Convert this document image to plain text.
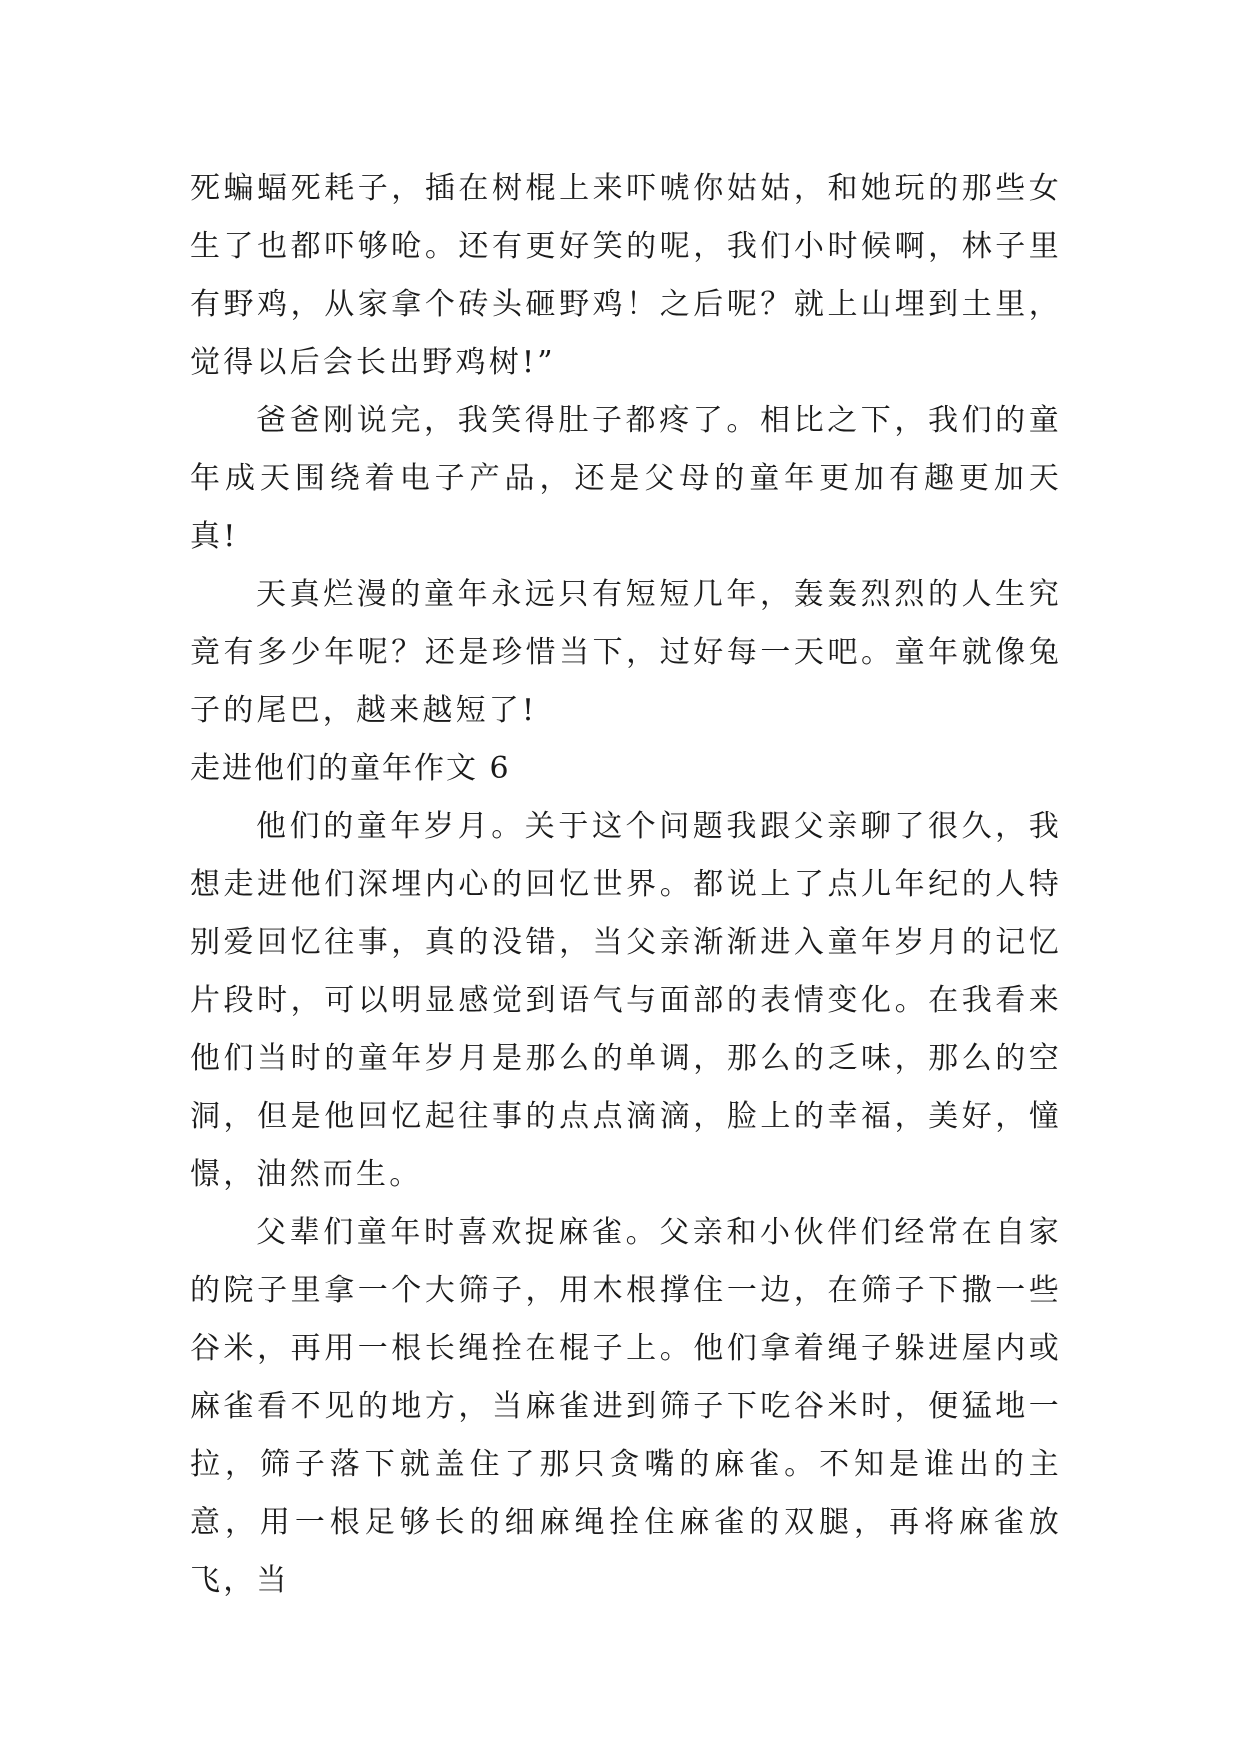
死蝙蝠死耗子，插在树棍上来吓唬你姑姑，和她玩的那些女生了也都吓够呛。还有更好笑的呢，我们小时候啊，林子里有野鸡，从家拿个砖头砸野鸡！之后呢？就上山埋到土里，觉得以后会长出野鸡树!”

爸爸刚说完，我笑得肚子都疼了。相比之下，我们的童年成天围绕着电子产品，还是父母的童年更加有趣更加天真!

天真烂漫的童年永远只有短短几年，轰轰烈烈的人生究竟有多少年呢？还是珍惜当下，过好每一天吧。童年就像兔子的尾巴，越来越短了!

走进他们的童年作文 6

他们的童年岁月。关于这个问题我跟父亲聊了很久，我想走进他们深埋内心的回忆世界。都说上了点儿年纪的人特别爱回忆往事，真的没错，当父亲渐渐进入童年岁月的记忆片段时，可以明显感觉到语气与面部的表情变化。在我看来他们当时的童年岁月是那么的单调，那么的乏味，那么的空洞，但是他回忆起往事的点点滴滴，脸上的幸福，美好，憧憬，油然而生。

父辈们童年时喜欢捉麻雀。父亲和小伙伴们经常在自家的院子里拿一个大筛子，用木根撑住一边，在筛子下撒一些谷米，再用一根长绳拴在棍子上。他们拿着绳子躲进屋内或麻雀看不见的地方，当麻雀进到筛子下吃谷米时，便猛地一拉，筛子落下就盖住了那只贪嘴的麻雀。不知是谁出的主意，用一根足够长的细麻绳拴住麻雀的双腿，再将麻雀放飞，当
